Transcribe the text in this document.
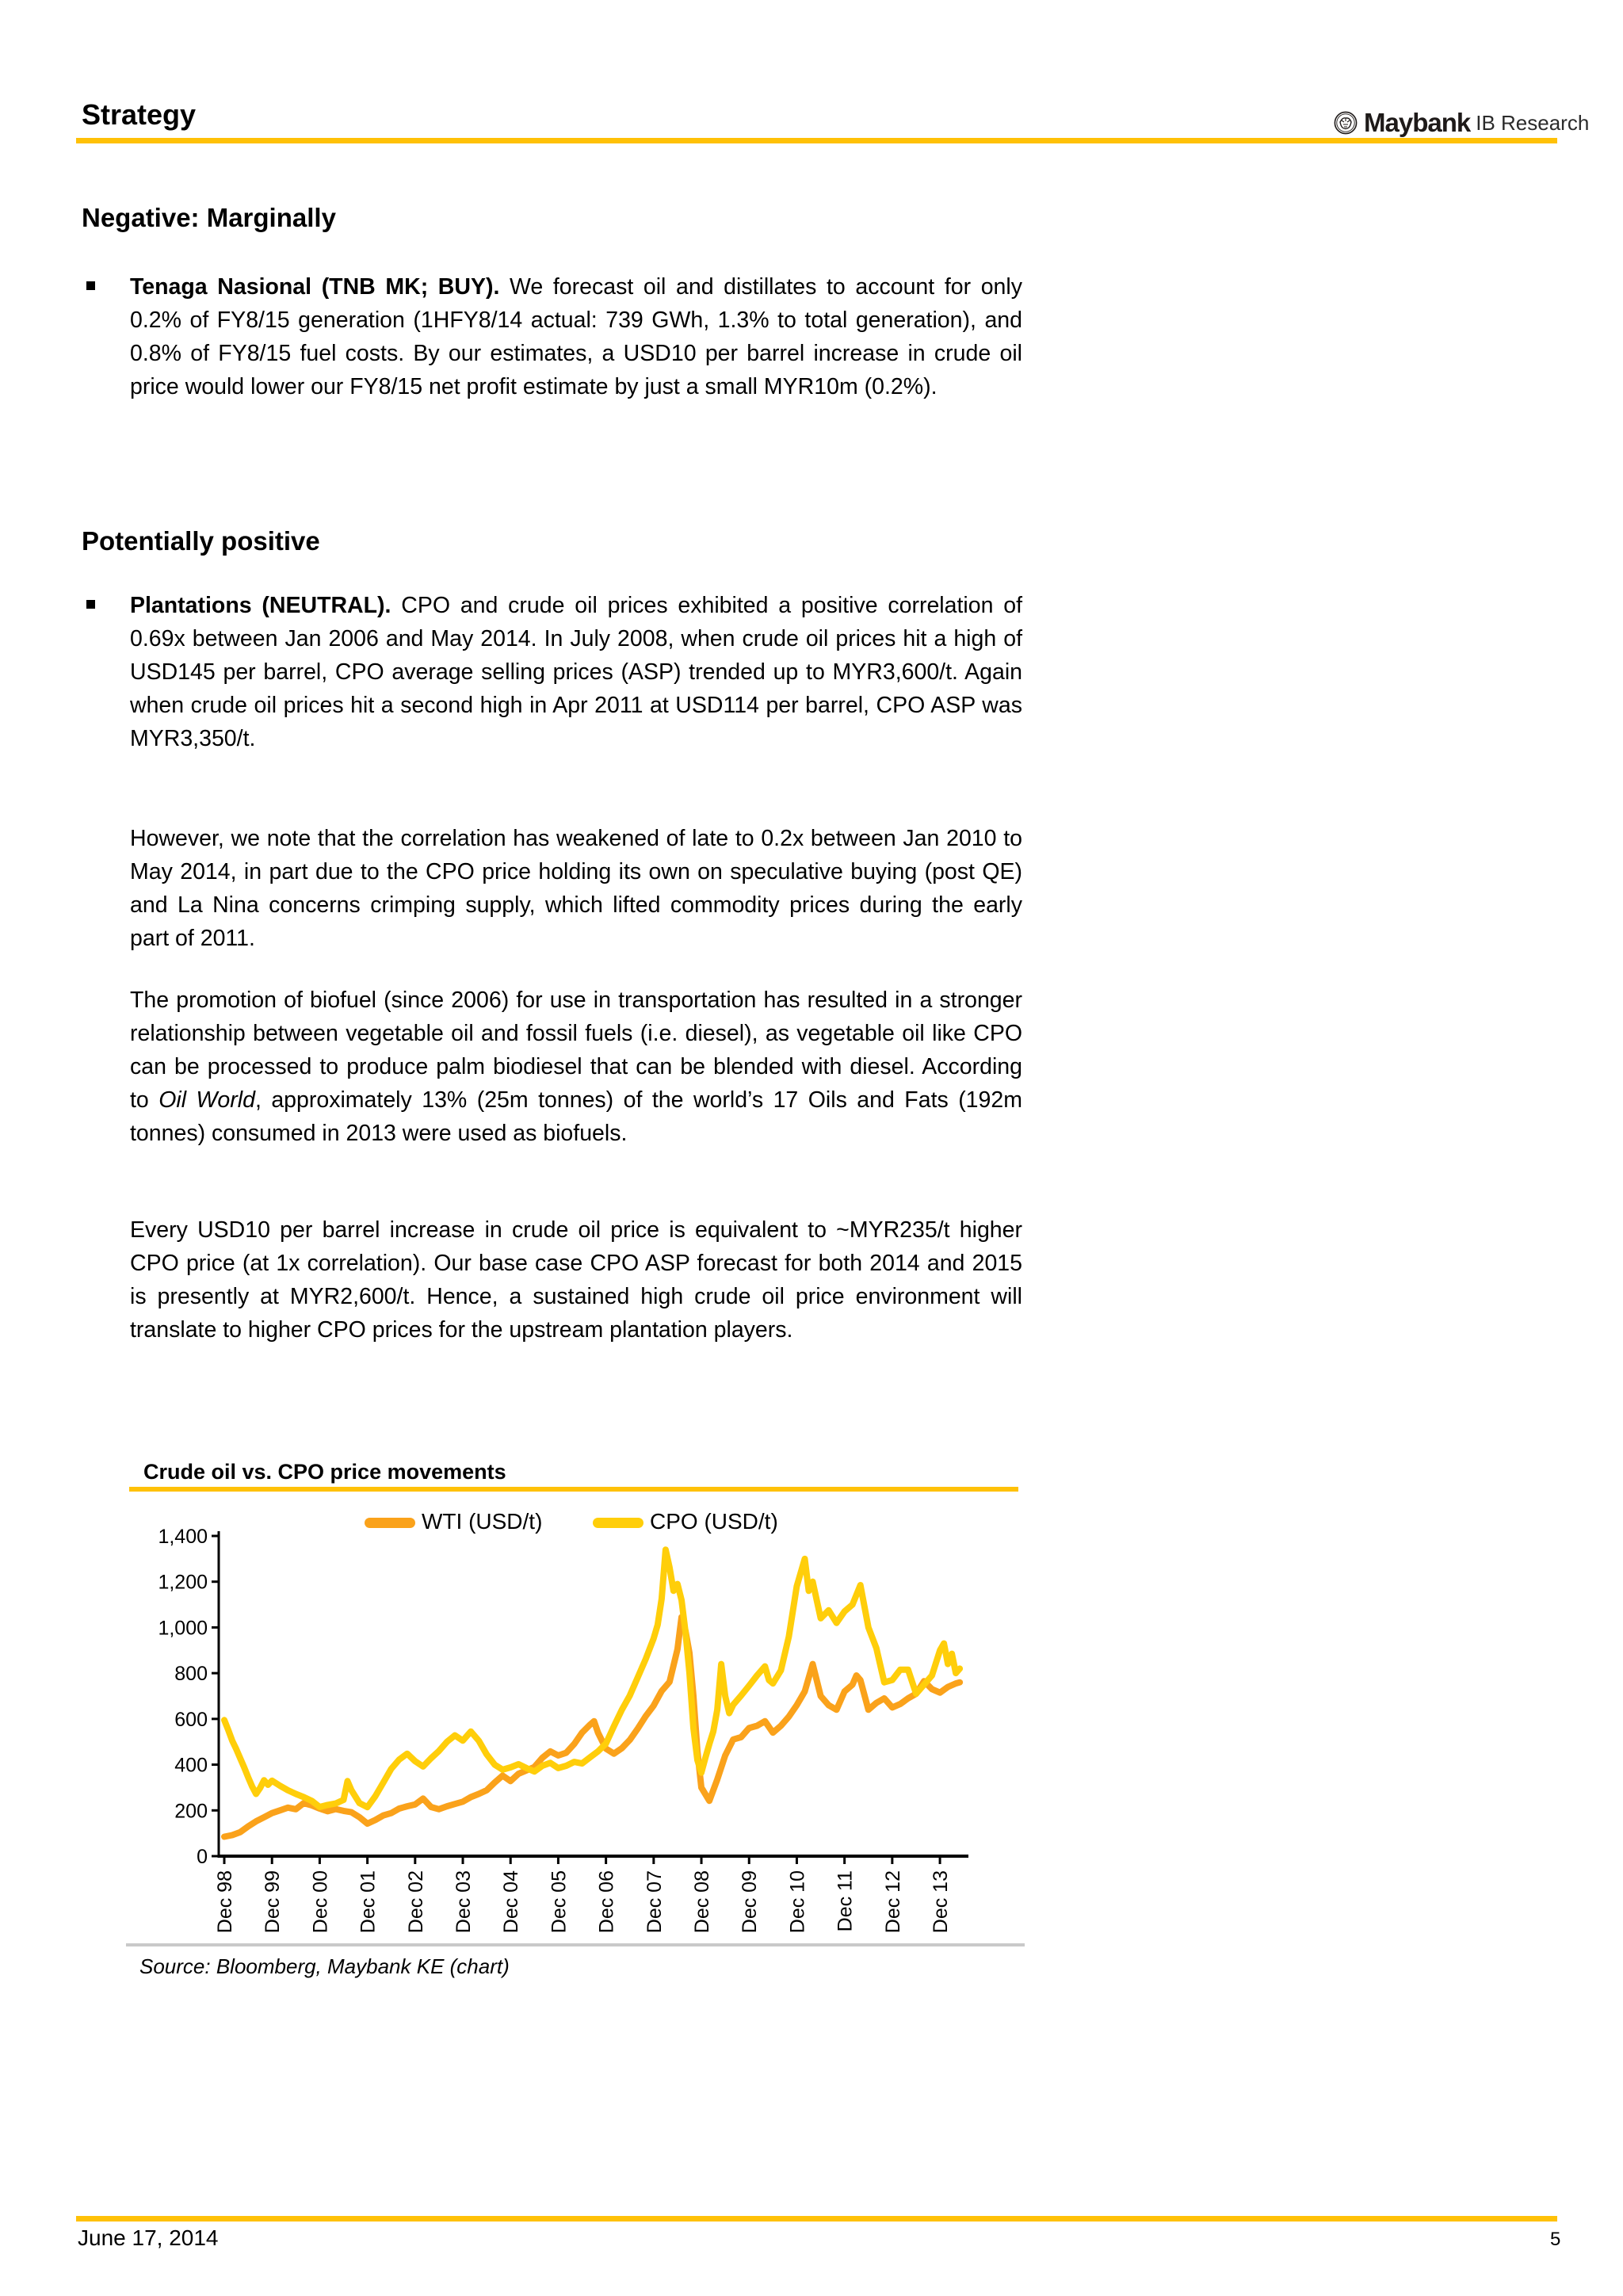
Strategy	Maybank IB Research
Negative: Marginally
Tenaga Nasional (TNB MK; BUY). We forecast oil and distillates to account for only 0.2% of FY8/15 generation (1HFY8/14 actual: 739 GWh, 1.3% to total generation), and 0.8% of FY8/15 fuel costs. By our estimates, a USD10 per barrel increase in crude oil price would lower our FY8/15 net profit estimate by just a small MYR10m (0.2%).
Potentially positive
Plantations (NEUTRAL). CPO and crude oil prices exhibited a positive correlation of 0.69x between Jan 2006 and May 2014. In July 2008, when crude oil prices hit a high of USD145 per barrel, CPO average selling prices (ASP) trended up to MYR3,600/t. Again when crude oil prices hit a second high in Apr 2011 at USD114 per barrel, CPO ASP was MYR3,350/t.
However, we note that the correlation has weakened of late to 0.2x between Jan 2010 to May 2014, in part due to the CPO price holding its own on speculative buying (post QE) and La Nina concerns crimping supply, which lifted commodity prices during the early part of 2011.
The promotion of biofuel (since 2006) for use in transportation has resulted in a stronger relationship between vegetable oil and fossil fuels (i.e. diesel), as vegetable oil like CPO can be processed to produce palm biodiesel that can be blended with diesel. According to Oil World, approximately 13% (25m tonnes) of the world’s 17 Oils and Fats (192m tonnes) consumed in 2013 were used as biofuels.
Every USD10 per barrel increase in crude oil price is equivalent to ~MYR235/t higher CPO price (at 1x correlation). Our base case CPO ASP forecast for both 2014 and 2015 is presently at MYR2,600/t. Hence, a sustained high crude oil price environment will translate to higher CPO prices for the upstream plantation players.
Crude oil vs. CPO price movements
0
200
400
600
800
1,000
1,200
1,400
Dec 98 Dec 99 Dec 00 Dec 01 Dec 02 Dec 03 Dec 04 Dec 05 Dec 06 Dec 07 Dec 08 Dec 09 Dec 10 Dec 11 Dec 12 Dec 13
WTI (USD/t)	CPO (USD/t)
Source: Bloomberg, Maybank KE (chart)
June 17, 2014	5
